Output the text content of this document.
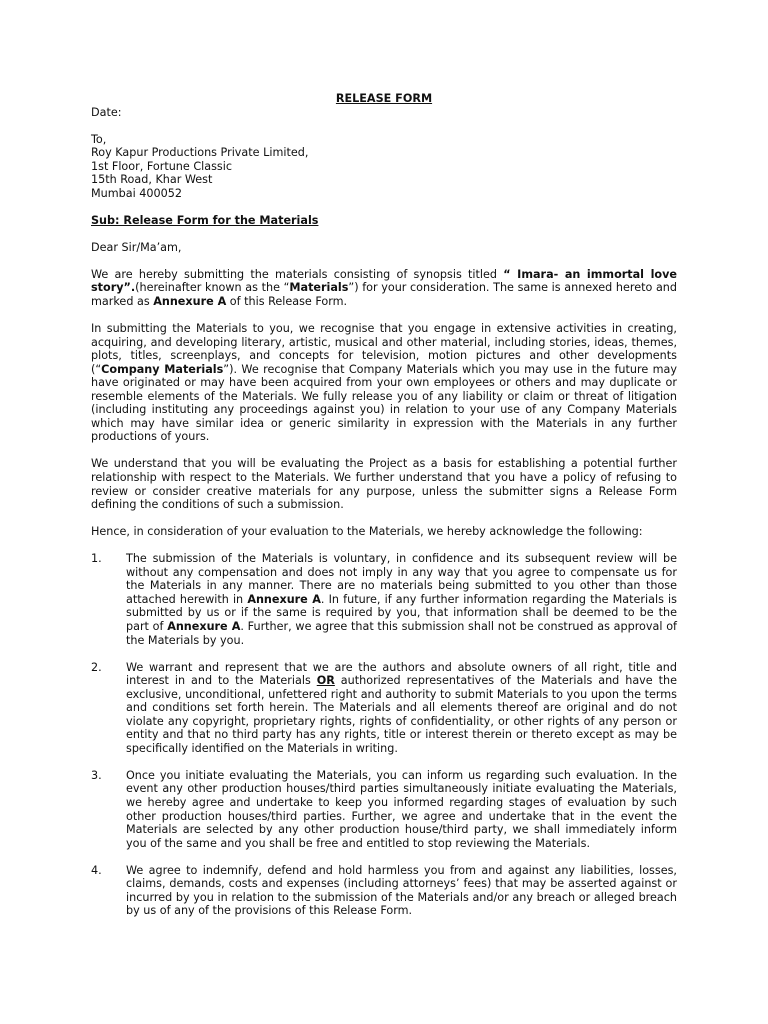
RELEASE FORM

Date:

To,

Roy Kapur Productions Private Limited,

1st Floor, Fortune Classic

15th Road, Khar West

Mumbai 400052

Sub: Release Form for the Materials

Dear Sir/Ma’am,

We are hereby submitting the materials consisting of synopsis titled “ Imara- an immortal love story”.(hereinafter known as the “Materials”) for your consideration. The same is annexed hereto and marked as Annexure A of this Release Form.

In submitting the Materials to you, we recognise that you engage in extensive activities in creating, acquiring, and developing literary, artistic, musical and other material, including stories, ideas, themes, plots, titles, screenplays, and concepts for television, motion pictures and other developments (“Company Materials”). We recognise that Company Materials which you may use in the future may have originated or may have been acquired from your own employees or others and may duplicate or resemble elements of the Materials. We fully release you of any liability or claim or threat of litigation (including instituting any proceedings against you) in relation to your use of any Company Materials which may have similar idea or generic similarity in expression with the Materials in any further productions of yours.

We understand that you will be evaluating the Project as a basis for establishing a potential further relationship with respect to the Materials. We further understand that you have a policy of refusing to review or consider creative materials for any purpose, unless the submitter signs a Release Form defining the conditions of such a submission.

Hence, in consideration of your evaluation to the Materials, we hereby acknowledge the following:

1.	The submission of the Materials is voluntary, in confidence and its subsequent review will be without any compensation and does not imply in any way that you agree to compensate us for the Materials in any manner. There are no materials being submitted to you other than those attached herewith in Annexure A. In future, if any further information regarding the Materials is submitted by us or if the same is required by you, that information shall be deemed to be the part of Annexure A. Further, we agree that this submission shall not be construed as approval of the Materials by you.

2.	We warrant and represent that we are the authors and absolute owners of all right, title and interest in and to the Materials OR authorized representatives of the Materials and have the exclusive, unconditional, unfettered right and authority to submit Materials to you upon the terms and conditions set forth herein. The Materials and all elements thereof are original and do not violate any copyright, proprietary rights, rights of confidentiality, or other rights of any person or entity and that no third party has any rights, title or interest therein or thereto except as may be specifically identified on the Materials in writing.

3.	Once you initiate evaluating the Materials, you can inform us regarding such evaluation. In the event any other production houses/third parties simultaneously initiate evaluating the Materials, we hereby agree and undertake to keep you informed regarding stages of evaluation by such other production houses/third parties. Further, we agree and undertake that in the event the Materials are selected by any other production house/third party, we shall immediately inform you of the same and you shall be free and entitled to stop reviewing the Materials.

4.	We agree to indemnify, defend and hold harmless you from and against any liabilities, losses, claims, demands, costs and expenses (including attorneys’ fees) that may be asserted against or incurred by you in relation to the submission of the Materials and/or any breach or alleged breach by us of any of the provisions of this Release Form.
